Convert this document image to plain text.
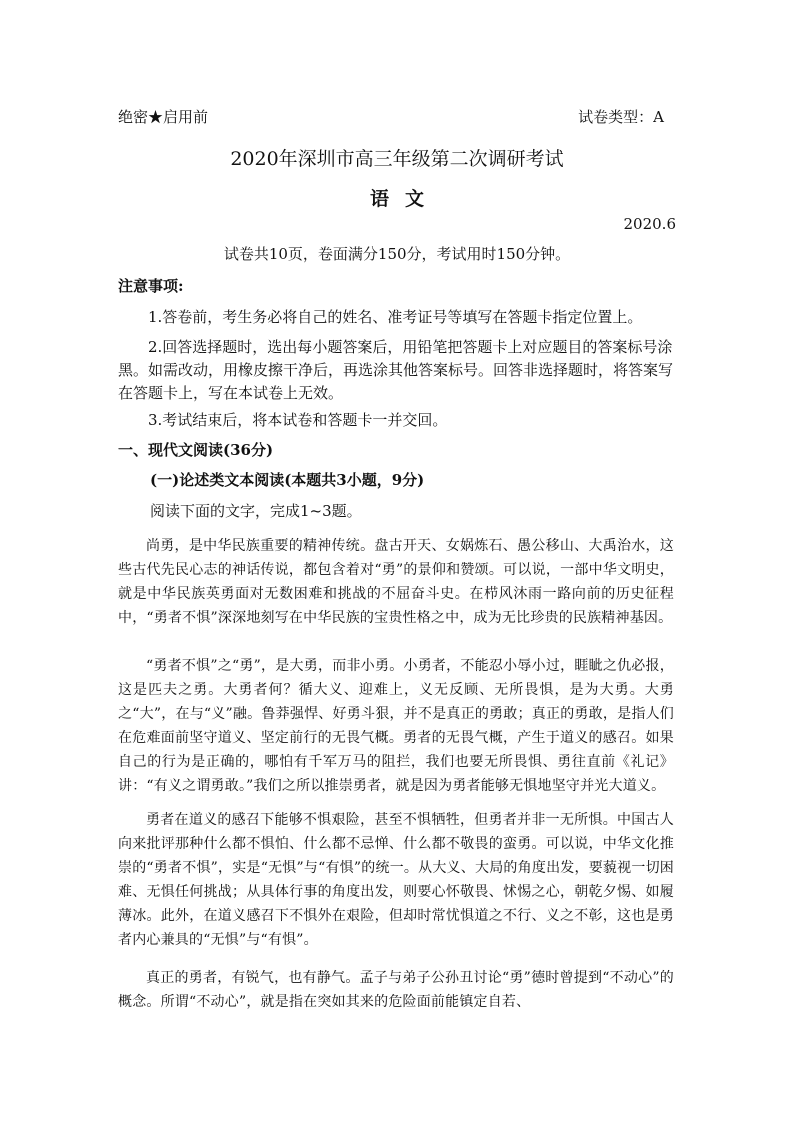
绝密★启用前	试卷类型：A

2020年深圳市高三年级第二次调研考试

语文

2020.6

试卷共10页，卷面满分150分，考试用时150分钟。

注意事项:

1.答卷前，考生务必将自己的姓名、准考证号等填写在答题卡指定位置上。

2.回答选择题时，选出每小题答案后，用铅笔把答题卡上对应题目的答案标号涂黑。如需改动，用橡皮擦干净后，再选涂其他答案标号。回答非选择题时，将答案写在答题卡上，写在本试卷上无效。

3.考试结束后，将本试卷和答题卡一并交回。

一、现代文阅读(36分)

(一)论述类文本阅读(本题共3小题，9分)

阅读下面的文字，完成1~3题。

尚勇，是中华民族重要的精神传统。盘古开天、女娲炼石、愚公移山、大禹治水，这些古代先民心志的神话传说，都包含着对“勇”的景仰和赞颂。可以说，一部中华文明史，就是中华民族英勇面对无数困难和挑战的不屈奋斗史。在栉风沐雨一路向前的历史征程中，“勇者不惧”深深地刻写在中华民族的宝贵性格之中，成为无比珍贵的民族精神基因。

“勇者不惧”之“勇”，是大勇，而非小勇。小勇者，不能忍小辱小过，睚眦之仇必报，这是匹夫之勇。大勇者何？循大义、迎难上，义无反顾、无所畏惧，是为大勇。大勇之“大”，在与“义”融。鲁莽强悍、好勇斗狠，并不是真正的勇敢；真正的勇敢，是指人们在危难面前坚守道义、坚定前行的无畏气概。勇者的无畏气概，产生于道义的感召。如果自己的行为是正确的，哪怕有千军万马的阻拦，我们也要无所畏惧、勇往直前《礼记》讲：“有义之谓勇敢。”我们之所以推崇勇者，就是因为勇者能够无惧地坚守并光大道义。

勇者在道义的感召下能够不惧艰险，甚至不惧牺牲，但勇者并非一无所惧。中国古人向来批评那种什么都不惧怕、什么都不忌惮、什么都不敬畏的蛮勇。可以说，中华文化推崇的“勇者不惧”，实是“无惧”与“有惧”的统一。从大义、大局的角度出发，要藐视一切困难、无惧任何挑战；从具体行事的角度出发，则要心怀敬畏、怵惕之心，朝乾夕惕、如履薄冰。此外，在道义感召下不惧外在艰险，但却时常忧惧道之不行、义之不彰，这也是勇者内心兼具的“无惧”与“有惧”。

真正的勇者，有锐气，也有静气。孟子与弟子公孙丑讨论“勇”德时曾提到“不动心”的概念。所谓“不动心”，就是指在突如其来的危险面前能镇定自若、
